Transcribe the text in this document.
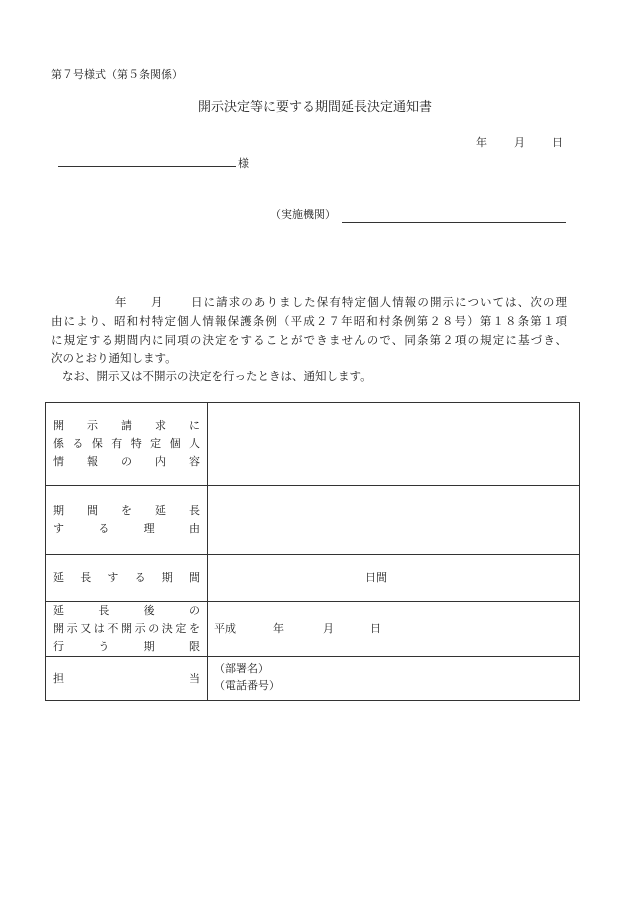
第７号様式（第５条関係）
開示決定等に要する期間延長決定通知書
年 月 日
様
（実施機関）
年 月 日に請求のありました保有特定個人情報の開示については、次の理
由により、昭和村特定個人情報保護条例（平成２７年昭和村条例第２８号）第１８条第１項
に規定する期間内に同項の決定をすることができませんので、同条第２項の規定に基づき、
次のとおり通知します。
なお、開示又は不開示の決定を行ったときは、通知します。
開示請求に
係る保有特定個人
情報の内容	

期間を延長
する理由	

延長する期間	日間

延長後の
開示又は不開示の決定を
行う期限	平成 年 月 日

担当	（部署名）
（電話番号）
